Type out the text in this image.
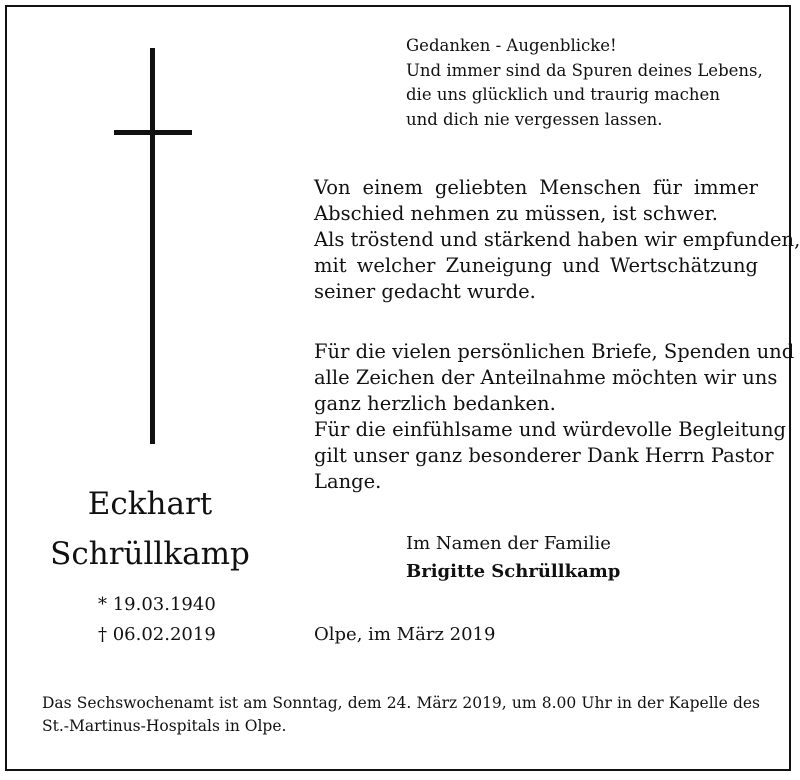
Gedanken - Augenblicke!
Und immer sind da Spuren deines Lebens,
die uns glücklich und traurig machen
und dich nie vergessen lassen.
Von einem geliebten Menschen für immer
Abschied nehmen zu müssen, ist schwer.
Als tröstend und stärkend haben wir empfunden,
mit welcher Zuneigung und Wertschätzung
seiner gedacht wurde.
Für die vielen persönlichen Briefe, Spenden und
alle Zeichen der Anteilnahme möchten wir uns
ganz herzlich bedanken.
Für die einfühlsame und würdevolle Begleitung
gilt unser ganz besonderer Dank Herrn Pastor
Lange.
Eckhart
Schrüllkamp
* 19.03.1940
† 06.02.2019
Im Namen der Familie
Brigitte Schrüllkamp
Olpe, im März 2019
Das Sechswochenamt ist am Sonntag, dem 24. März 2019, um 8.00 Uhr in der Kapelle des
St.-Martinus-Hospitals in Olpe.
